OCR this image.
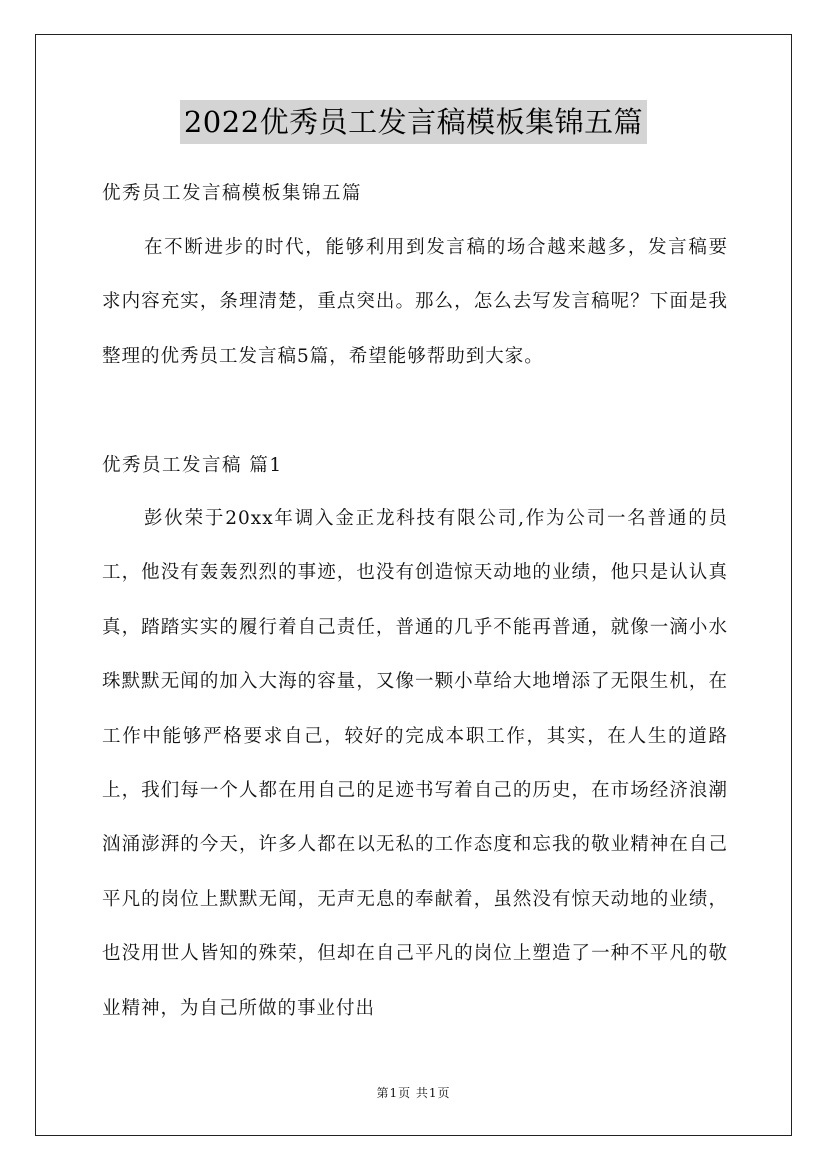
2022优秀员工发言稿模板集锦五篇
优秀员工发言稿模板集锦五篇
在不断进步的时代，能够利用到发言稿的场合越来越多，发言稿要求内容充实，条理清楚，重点突出。那么，怎么去写发言稿呢？下面是我整理的优秀员工发言稿5篇，希望能够帮助到大家。
优秀员工发言稿 篇1
彭伙荣于20xx年调入金正龙科技有限公司,作为公司一名普通的员工，他没有轰轰烈烈的事迹，也没有创造惊天动地的业绩，他只是认认真真，踏踏实实的履行着自己责任，普通的几乎不能再普通，就像一滴小水珠默默无闻的加入大海的容量，又像一颗小草给大地增添了无限生机，在工作中能够严格要求自己，较好的完成本职工作，其实，在人生的道路上，我们每一个人都在用自己的足迹书写着自己的历史，在市场经济浪潮汹涌澎湃的今天，许多人都在以无私的工作态度和忘我的敬业精神在自己平凡的岗位上默默无闻，无声无息的奉献着，虽然没有惊天动地的业绩，也没用世人皆知的殊荣，但却在自己平凡的岗位上塑造了一种不平凡的敬业精神，为自己所做的事业付出
第1页 共1页
